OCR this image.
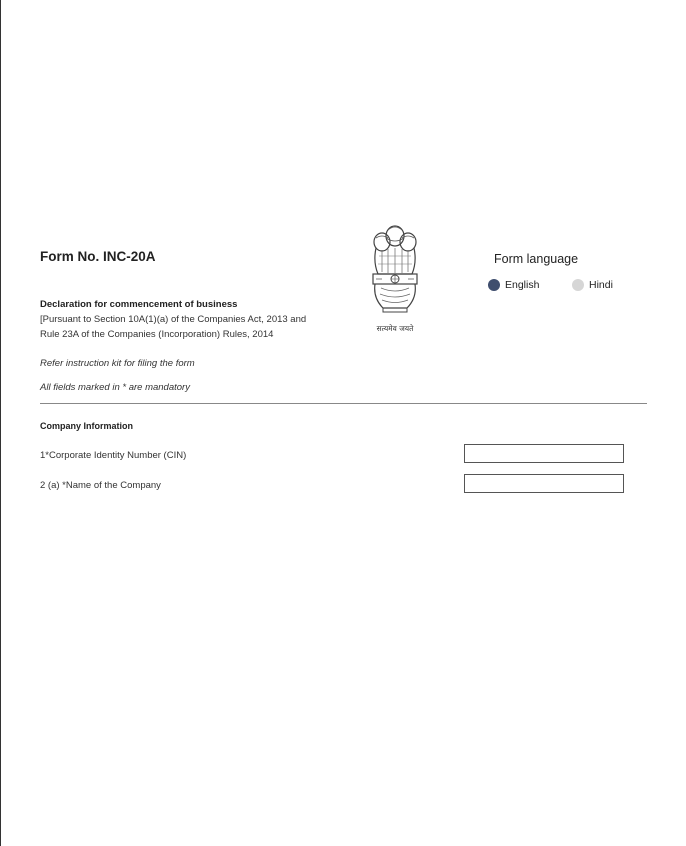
Form No. INC-20A
सत्यमेव जयते
Form language
English	Hindi
Declaration for commencement of business
[Pursuant to Section 10A(1)(a) of the Companies Act, 2013 and
Rule 23A of the Companies (Incorporation) Rules, 2014
Refer instruction kit for filing the form
All fields marked in * are mandatory
Company Information
1*Corporate Identity Number (CIN)
2 (a) *Name of the Company
